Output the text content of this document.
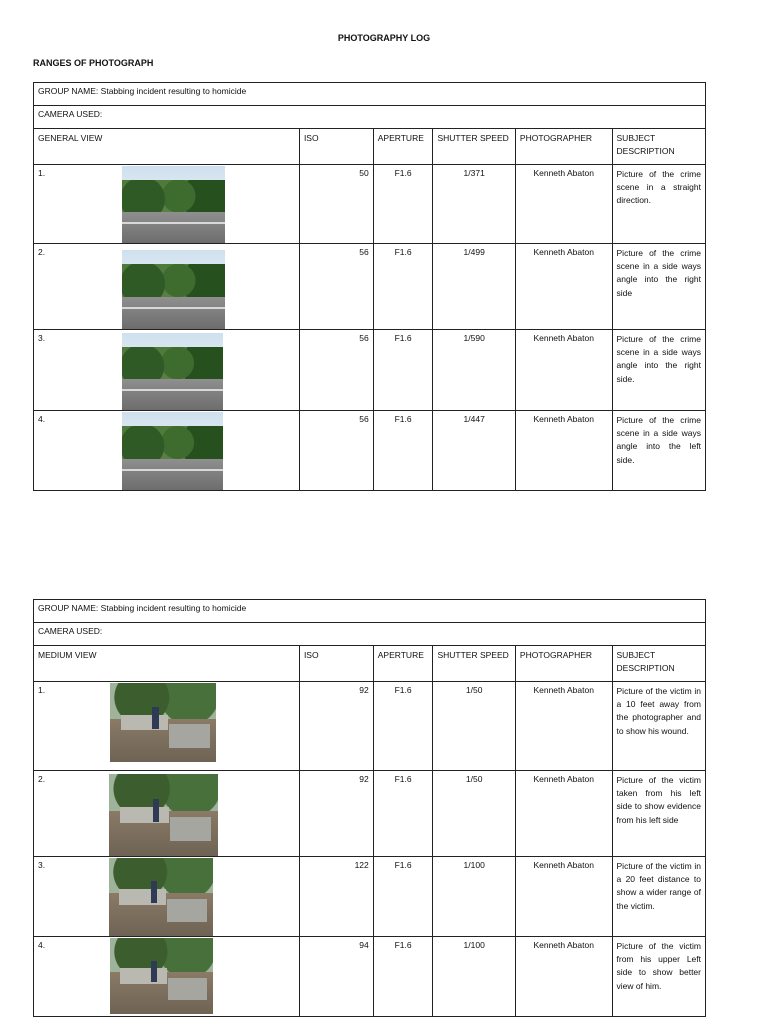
PHOTOGRAPHY LOG
RANGES OF PHOTOGRAPH
GROUP NAME: Stabbing incident resulting to homicide					
CAMERA USED:					
GENERAL VIEW	ISO	APERTURE	SHUTTER SPEED	PHOTOGRAPHER	SUBJECT DESCRIPTION
1.	50	F1.6	1/371	Kenneth Abaton	Picture of the crime scene in a straight direction.
2.	56	F1.6	1/499	Kenneth Abaton	Picture of the crime scene in a side ways angle into the right side
3.	56	F1.6	1/590	Kenneth Abaton	Picture of the crime scene in a side ways angle into the right side.
4.	56	F1.6	1/447	Kenneth Abaton	Picture of the crime scene in a side ways angle into the left side.
GROUP NAME: Stabbing incident resulting to homicide					
CAMERA USED:					
MEDIUM VIEW	ISO	APERTURE	SHUTTER SPEED	PHOTOGRAPHER	SUBJECT DESCRIPTION
1.	92	F1.6	1/50	Kenneth Abaton	Picture of the victim in a 10 feet away from the photographer and to show his wound.
2.	92	F1.6	1/50	Kenneth Abaton	Picture of the victim taken from his left side to show evidence from his left side
3.	122	F1.6	1/100	Kenneth Abaton	Picture of the victim in a 20 feet distance to show a wider range of the victim.
4.	94	F1.6	1/100	Kenneth Abaton	Picture of the victim from his upper Left side to show better view of him.
